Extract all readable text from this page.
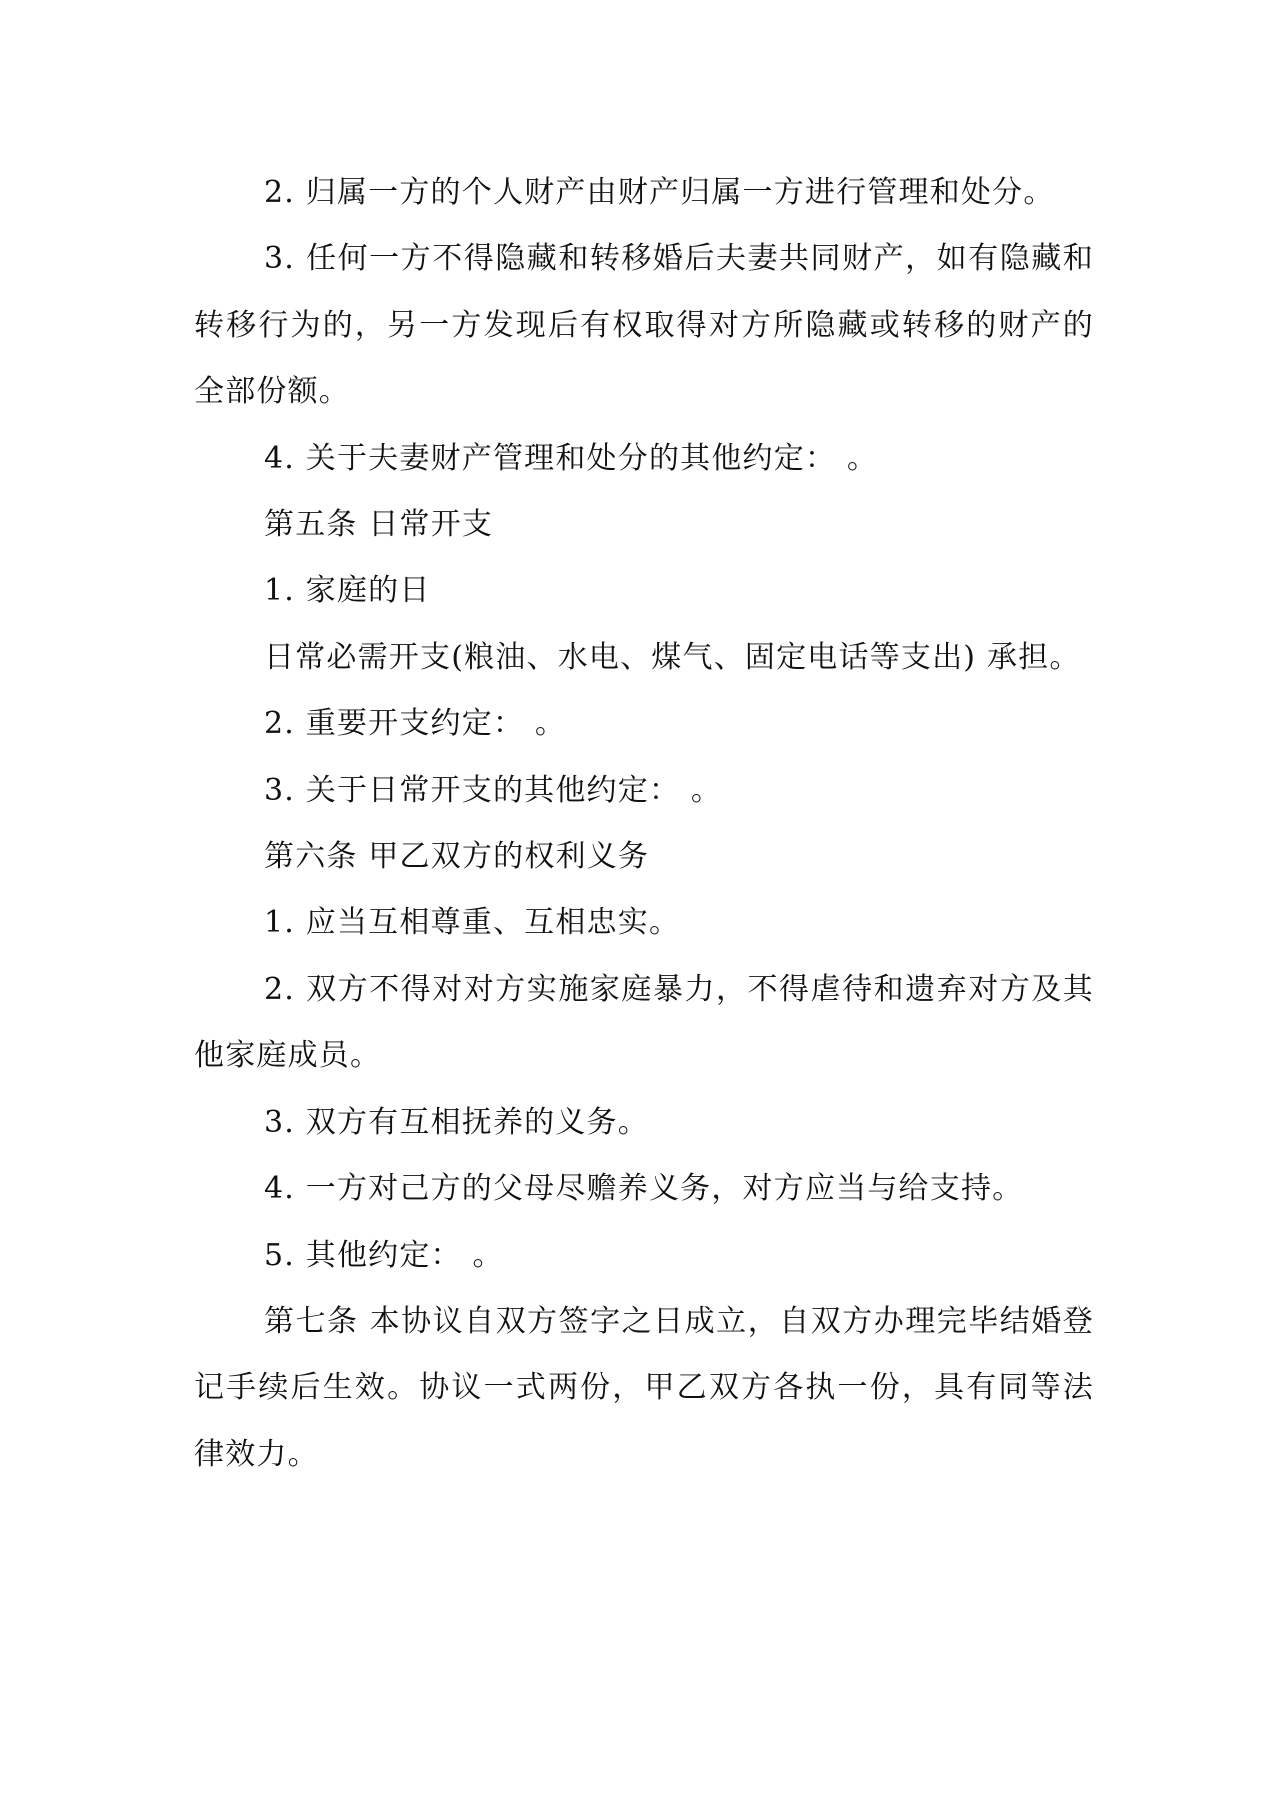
2. 归属一方的个人财产由财产归属一方进行管理和处分。

3. 任何一方不得隐藏和转移婚后夫妻共同财产，如有隐藏和转移行为的，另一方发现后有权取得对方所隐藏或转移的财产的全部份额。

4. 关于夫妻财产管理和处分的其他约定： 。

第五条 日常开支

1. 家庭的日

日常必需开支(粮油、水电、煤气、固定电话等支出) 承担。

2. 重要开支约定： 。

3. 关于日常开支的其他约定： 。

第六条 甲乙双方的权利义务

1. 应当互相尊重、互相忠实。

2. 双方不得对对方实施家庭暴力，不得虐待和遗弃对方及其他家庭成员。

3. 双方有互相抚养的义务。

4. 一方对己方的父母尽赡养义务，对方应当与给支持。

5. 其他约定： 。

第七条 本协议自双方签字之日成立，自双方办理完毕结婚登记手续后生效。协议一式两份，甲乙双方各执一份，具有同等法律效力。
